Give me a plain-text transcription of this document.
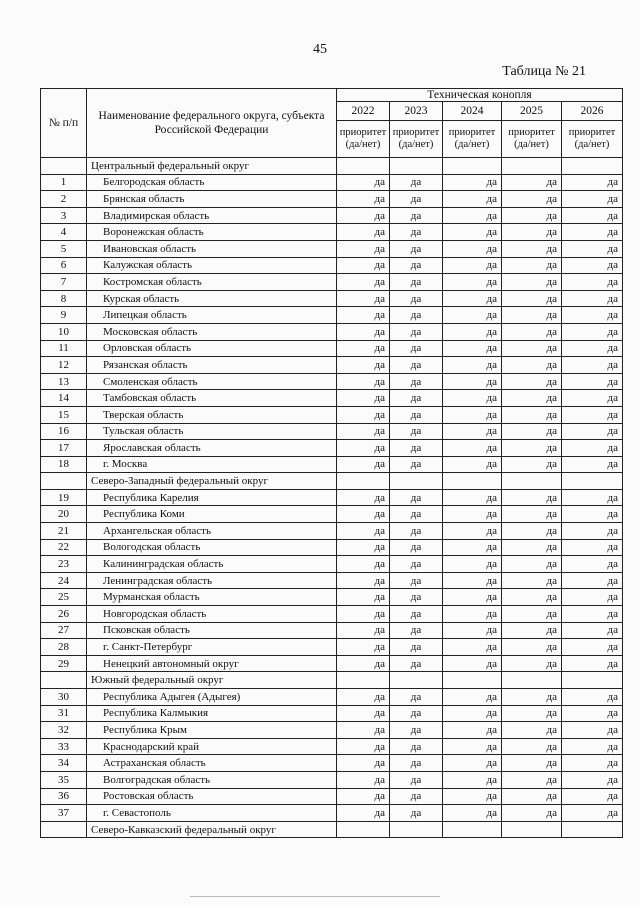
45
Таблица № 21
№ п/п	Наименование федерального округа, субъекта Российской Федерации	Техническая конопля				
		2022	2023	2024	2025	2026
		приоритет (да/нет)	приоритет (да/нет)	приоритет (да/нет)	приоритет (да/нет)	приоритет (да/нет)
	Центральный федеральный округ					
1	Белгородская область	да	да	да	да	да
2	Брянская область	да	да	да	да	да
3	Владимирская область	да	да	да	да	да
4	Воронежская область	да	да	да	да	да
5	Ивановская область	да	да	да	да	да
6	Калужская область	да	да	да	да	да
7	Костромская область	да	да	да	да	да
8	Курская область	да	да	да	да	да
9	Липецкая область	да	да	да	да	да
10	Московская область	да	да	да	да	да
11	Орловская область	да	да	да	да	да
12	Рязанская область	да	да	да	да	да
13	Смоленская область	да	да	да	да	да
14	Тамбовская область	да	да	да	да	да
15	Тверская область	да	да	да	да	да
16	Тульская область	да	да	да	да	да
17	Ярославская область	да	да	да	да	да
18	г. Москва	да	да	да	да	да
	Северо-Западный федеральный округ					
19	Республика Карелия	да	да	да	да	да
20	Республика Коми	да	да	да	да	да
21	Архангельская область	да	да	да	да	да
22	Вологодская область	да	да	да	да	да
23	Калининградская область	да	да	да	да	да
24	Ленинградская область	да	да	да	да	да
25	Мурманская область	да	да	да	да	да
26	Новгородская область	да	да	да	да	да
27	Псковская область	да	да	да	да	да
28	г. Санкт-Петербург	да	да	да	да	да
29	Ненецкий автономный округ	да	да	да	да	да
	Южный федеральный округ					
30	Республика Адыгея (Адыгея)	да	да	да	да	да
31	Республика Калмыкия	да	да	да	да	да
32	Республика Крым	да	да	да	да	да
33	Краснодарский край	да	да	да	да	да
34	Астраханская область	да	да	да	да	да
35	Волгоградская область	да	да	да	да	да
36	Ростовская область	да	да	да	да	да
37	г. Севастополь	да	да	да	да	да
	Северо-Кавказский федеральный округ					
